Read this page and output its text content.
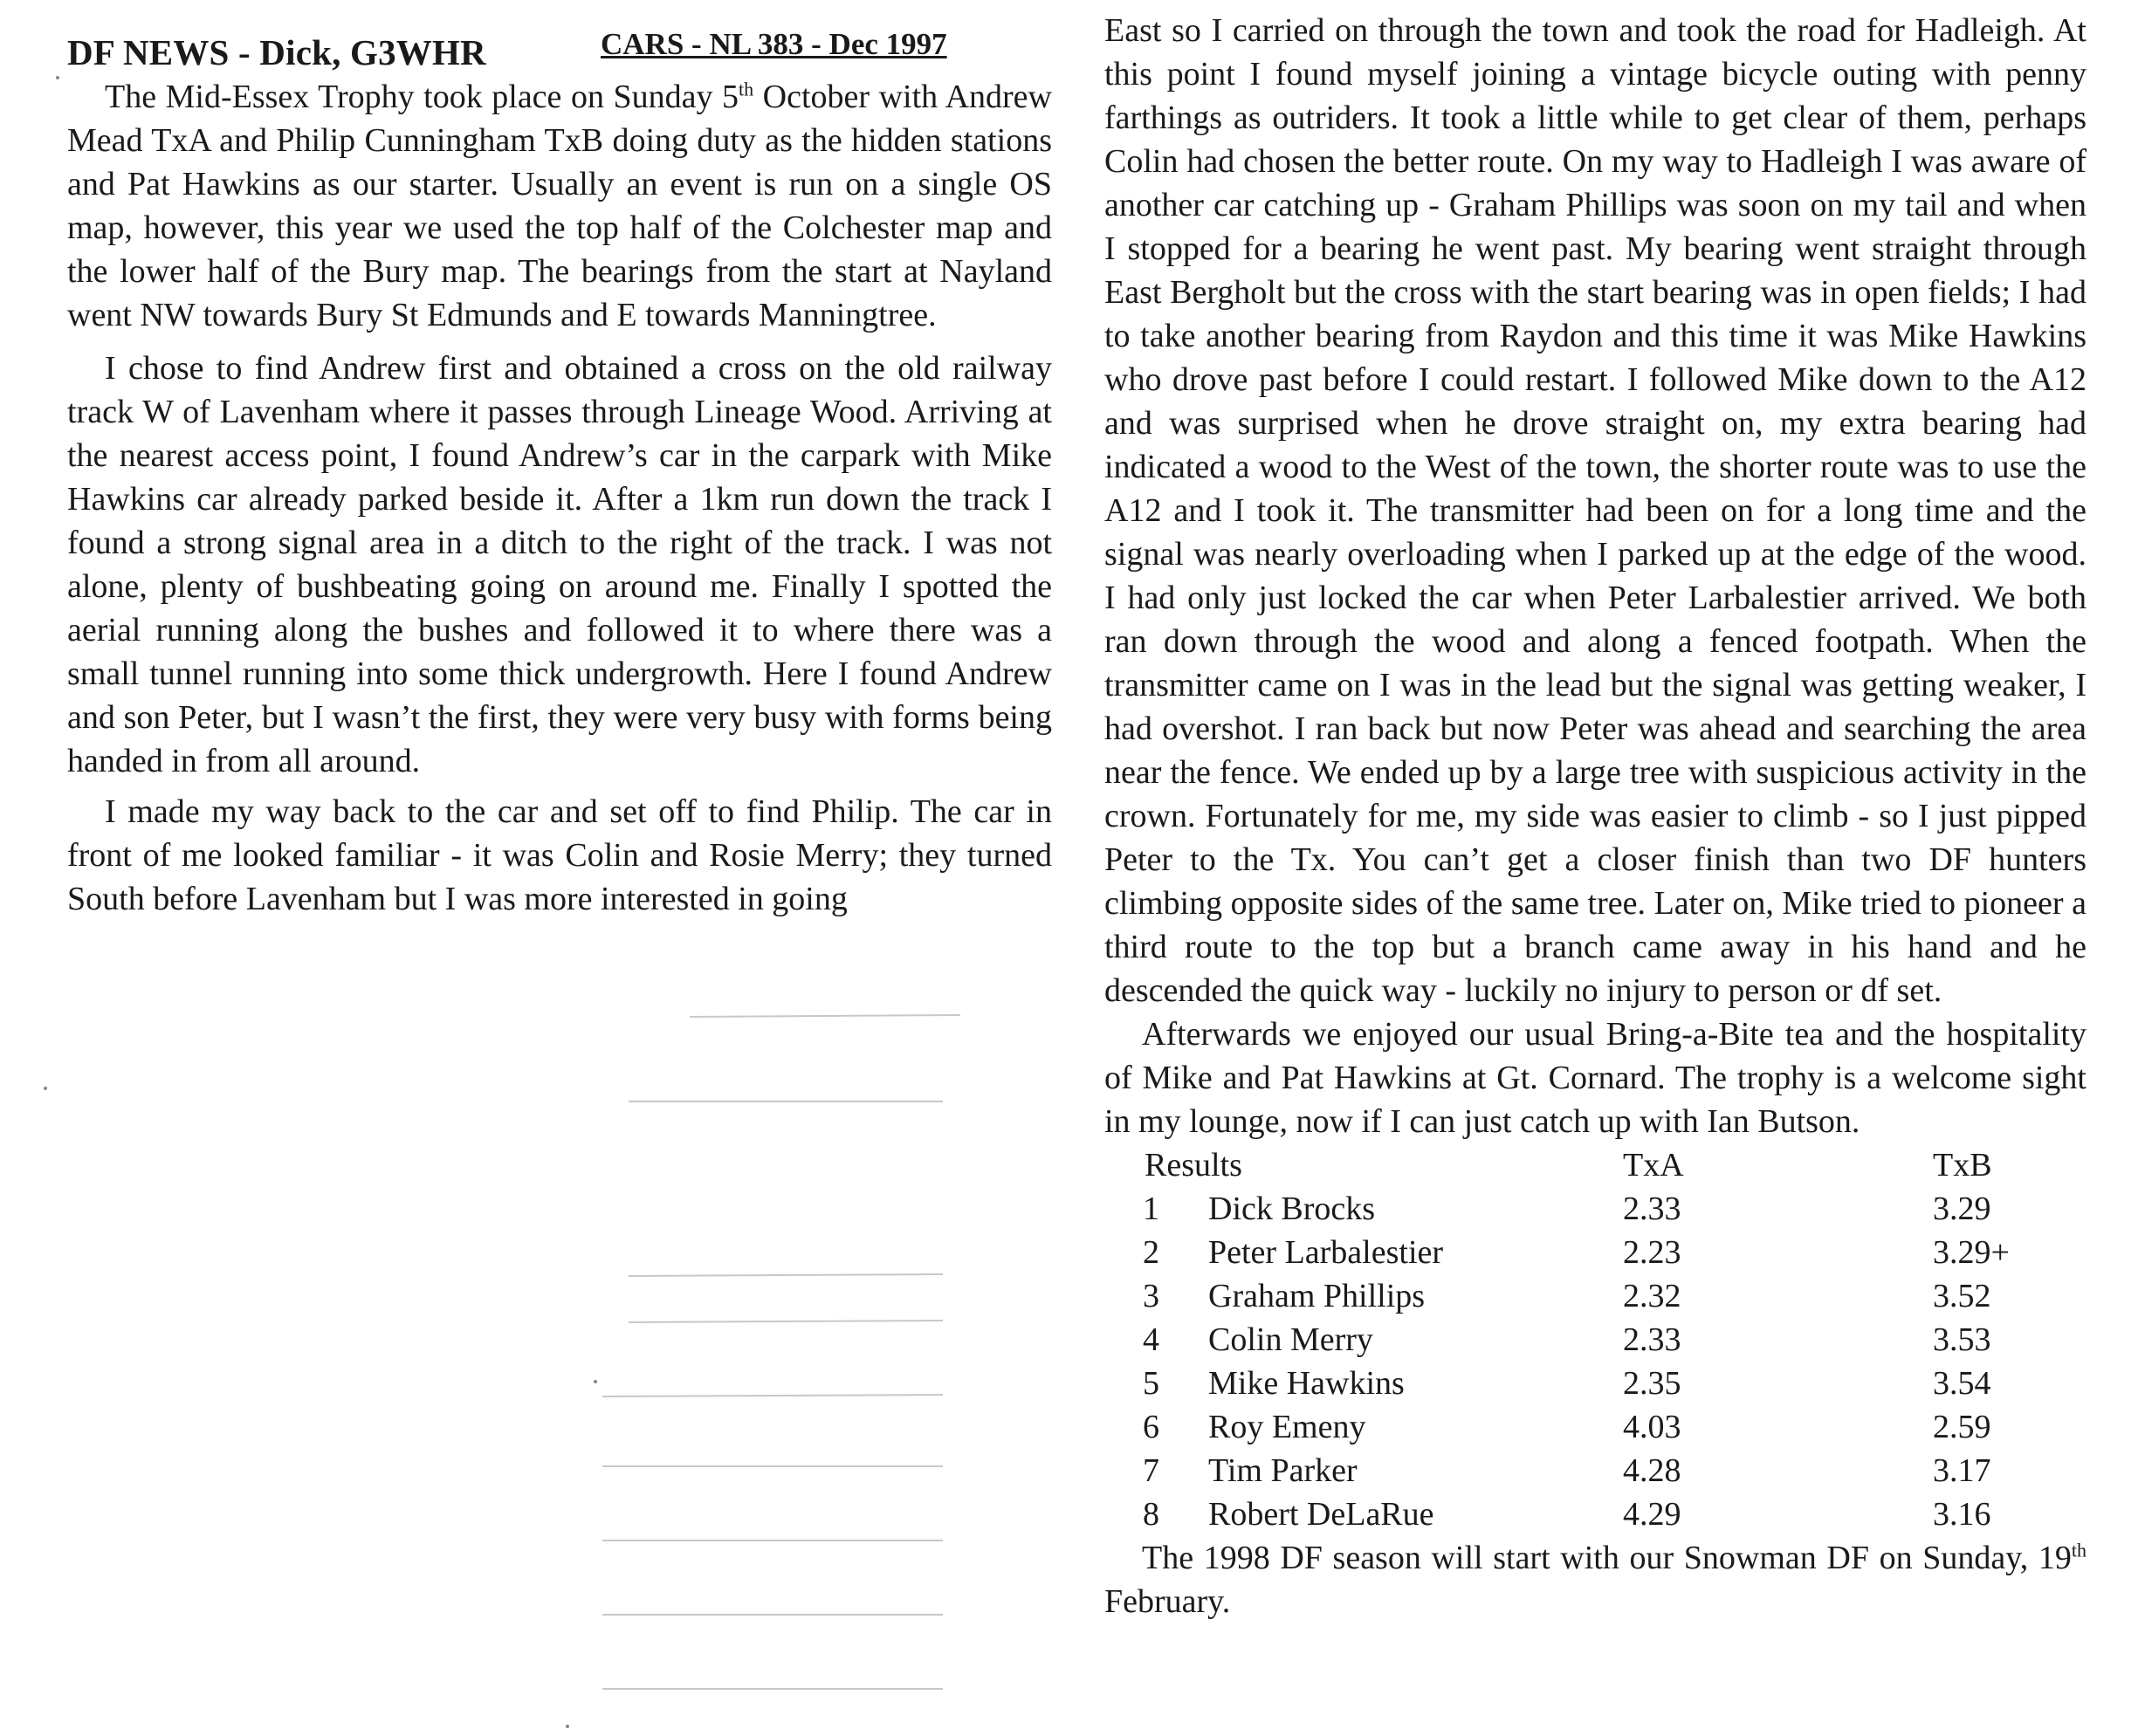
DF NEWS - Dick, G3WHR	CARS - NL 383 - Dec 1997

The Mid-Essex Trophy took place on Sunday 5th October with Andrew Mead TxA and Philip Cunningham TxB doing duty as the hidden stations and Pat Hawkins as our starter. Usually an event is run on a single OS map, however, this year we used the top half of the Colchester map and the lower half of the Bury map. The bearings from the start at Nayland went NW towards Bury St Edmunds and E towards Manningtree.

I chose to find Andrew first and obtained a cross on the old railway track W of Lavenham where it passes through Lineage Wood. Arriving at the nearest access point, I found Andrew’s car in the carpark with Mike Hawkins car already parked beside it. After a 1km run down the track I found a strong signal area in a ditch to the right of the track. I was not alone, plenty of bushbeating going on around me. Finally I spotted the aerial running along the bushes and followed it to where there was a small tunnel running into some thick undergrowth. Here I found Andrew and son Peter, but I wasn’t the first, they were very busy with forms being handed in from all around.

I made my way back to the car and set off to find Philip. The car in front of me looked familiar - it was Colin and Rosie Merry; they turned South before Lavenham but I was more interested in going

East so I carried on through the town and took the road for Hadleigh. At this point I found myself joining a vintage bicycle outing with penny farthings as outriders. It took a little while to get clear of them, perhaps Colin had chosen the better route. On my way to Hadleigh I was aware of another car catching up - Graham Phillips was soon on my tail and when I stopped for a bearing he went past. My bearing went straight through East Bergholt but the cross with the start bearing was in open fields; I had to take another bearing from Raydon and this time it was Mike Hawkins who drove past before I could restart. I followed Mike down to the A12 and was surprised when he drove straight on, my extra bearing had indicated a wood to the West of the town, the shorter route was to use the A12 and I took it. The transmitter had been on for a long time and the signal was nearly overloading when I parked up at the edge of the wood. I had only just locked the car when Peter Larbalestier arrived. We both ran down through the wood and along a fenced footpath. When the transmitter came on I was in the lead but the signal was getting weaker, I had overshot. I ran back but now Peter was ahead and searching the area near the fence. We ended up by a large tree with suspicious activity in the crown. Fortunately for me, my side was easier to climb - so I just pipped Peter to the Tx. You can’t get a closer finish than two DF hunters climbing opposite sides of the same tree. Later on, Mike tried to pioneer a third route to the top but a branch came away in his hand and he descended the quick way - luckily no injury to person or df set.

Afterwards we enjoyed our usual Bring-a-Bite tea and the hospitality of Mike and Pat Hawkins at Gt. Cornard. The trophy is a welcome sight in my lounge, now if I can just catch up with Ian Butson.

Results	TxA	TxB
1 Dick Brocks	2.33	3.29
2 Peter Larbalestier	2.23	3.29+
3 Graham Phillips	2.32	3.52
4 Colin Merry	2.33	3.53
5 Mike Hawkins	2.35	3.54
6 Roy Emeny	4.03	2.59
7 Tim Parker	4.28	3.17
8 Robert DeLaRue	4.29	3.16

The 1998 DF season will start with our Snowman DF on Sunday, 19th February.
